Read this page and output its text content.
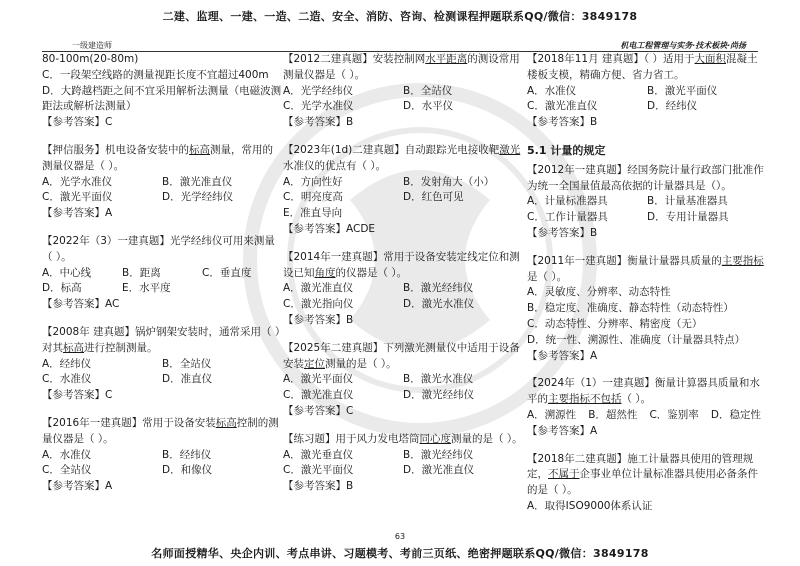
二建、监理、一建、一造、二造、安全、消防、咨询、检测课程押题联系QQ/微信：3849178
一级建造师	机电工程管理与实务·技术板块·尚扬
80-100m(20-80m)
C．一段架空线路的测量视距长度不宜超过400m
D．大跨越档距之间不宜采用解析法测量（电磁波测距法或解析法测量）
【参考答案】C
【押信服务】机电设备安装中的标高测量，常用的测量仪器是（ ）。
A．光学水准仪	B．激光准直仪
C．激光平面仪	D．光学经纬仪
【参考答案】A
【2022年（3）一建真题】光学经纬仪可用来测量（ ）。
A．中心线	B．距离	C．垂直度
D．标高	E．水平度
【参考答案】AC
【2008年 建真题】锅炉钢架安装时，通常采用（ ）对其标高进行控制测量。
A．经纬仪	B．全站仪
C．水准仪	D．准直仪
【参考答案】C
【2016年一建真题】常用于设备安装标高控制的测量仪器是（ ）。
A．水准仪	B．经纬仪
C．全站仪	D．和像仪
【参考答案】A
【2012二建真题】安装控制网水平距离的测设常用测量仪器是（ ）。
A．光学经纬仪	B．全站仪
C．光学水准仪	D．水平仪
【参考答案】B
【2023年(1d)二建真题】自动跟踪光电接收靶激光水准仪的优点有（ ）。
A．方向性好	B．发射角大（小）
C．明亮度高	D．红色可见
E．准直导向
【参考答案】ACDE
【2014年一建真题】常用于设备安装定线定位和测设已知角度的仪器是（ ）。
A．激光准直仪	B．激光经纬仪
C．激光指向仪	D．激光水准仪
【参考答案】B
【2025年二建真题】下列激光测量仪中适用于设备安装定位测量的是（ ）。
A．激光平面仪	B．激光水准仪
C．激光准直仪	D．激光经纬仪
【参考答案】C
【练习题】用于风力发电塔筒同心度测量的是（ ）。
A．激光垂直仪	B．激光经纬仪
C．激光平面仪	D．激光准直仪
【参考答案】B
【2018年11月 建真题】（ ）适用于大面积混凝土楼板支模，精确方便、省力省工。
A．水准仪	B．激光平面仪
C．激光准直仪	D．经纬仪
【参考答案】B
5.1 计量的规定
【2012年一建真题】经国务院计量行政部门批准作为统一全国量值最高依据的计量器具是（）。
A．计量标准器具	B．计量基准器具
C．工作计量器具	D．专用计量器具
【参考答案】B
【2011年一建真题】衡量计量器具质量的主要指标是（ ）。
A．灵敏度、分辨率、动态特性
B．稳定度、准确度、静态特性（动态特性）
C．动态特性、分辨率、精密度（无）
D．统一性、溯源性、准确度（计量器具特点）
【参考答案】A
【2024年（1）一建真题】衡量计算器具质量和水平的主要指标不包括（ ）。
A．溯源性	B．超然性	C．鉴别率	D．稳定性
【参考答案】A
【2018年二建真题】施工计量器具使用的管理规定，不属于企事业单位计量标准器具使用必备条件的是（ ）。
A．取得ISO9000体系认证
63
名师面授精华、央企内训、考点串讲、习题模考、考前三页纸、绝密押题联系QQ/微信：3849178
